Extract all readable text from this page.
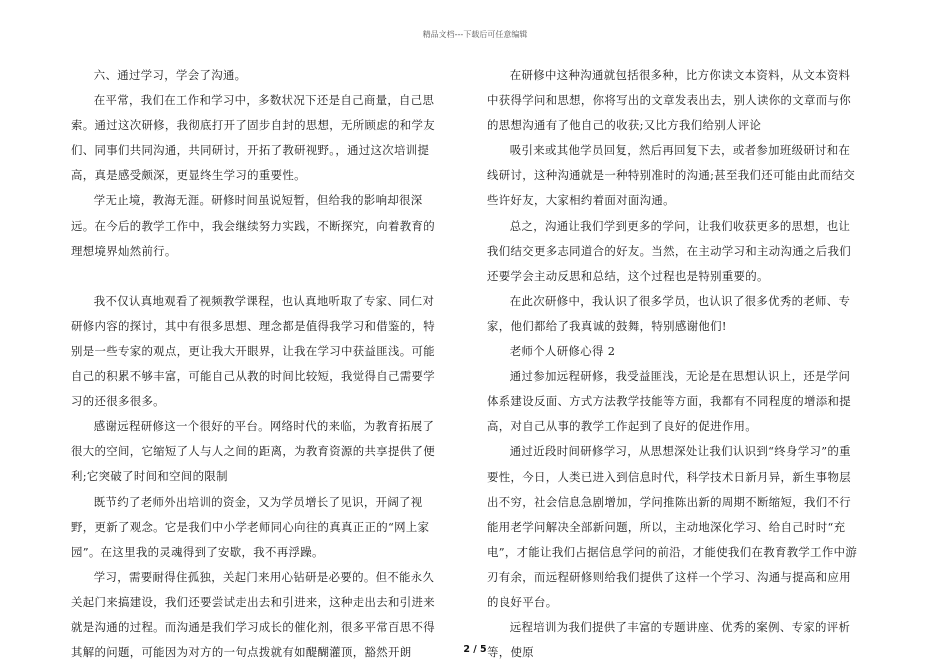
精品文档---下载后可任意编辑

六、通过学习，学会了沟通。

在平常，我们在工作和学习中，多数状况下还是自己商量，自己思索。通过这次研修，我彻底打开了固步自封的思想，无所顾虑的和学友们、同事们共同沟通，共同研讨，开拓了教研视野。，通过这次培训提高，真是感受颇深，更显终生学习的重要性。

学无止境，教海无涯。研修时间虽说短暂，但给我的影响却很深远。在今后的教学工作中，我会继续努力实践，不断探究，向着教育的理想境界灿然前行。

我不仅认真地观看了视频教学课程，也认真地听取了专家、同仁对研修内容的探讨，其中有很多思想、理念都是值得我学习和借鉴的，特别是一些专家的观点，更让我大开眼界，让我在学习中获益匪浅。可能自己的积累不够丰富，可能自己从教的时间比较短，我觉得自己需要学习的还很多很多。

感谢远程研修这一个很好的平台。网络时代的来临，为教育拓展了很大的空间，它缩短了人与人之间的距离，为教育资源的共享提供了便利;它突破了时间和空间的限制

既节约了老师外出培训的资金，又为学员增长了见识，开阔了视野，更新了观念。它是我们中小学老师同心向往的真真正正的“网上家园”。在这里我的灵魂得到了安歇，我不再浮躁。

学习，需要耐得住孤独，关起门来用心钻研是必要的。但不能永久关起门来搞建设，我们还要尝试走出去和引进来，这种走出去和引进来就是沟通的过程。而沟通是我们学习成长的催化剂，很多平常百思不得其解的问题，可能因为对方的一句点拨就有如醍醐灌顶，豁然开朗

在研修中这种沟通就包括很多种，比方你读文本资料，从文本资料中获得学问和思想，你将写出的文章发表出去，别人读你的文章而与你的思想沟通有了他自己的收获;又比方我们给别人评论

吸引来或其他学员回复，然后再回复下去，或者参加班级研讨和在线研讨，这种沟通就是一种特别准时的沟通;甚至我们还可能由此而结交些许好友，大家相约着面对面沟通。

总之，沟通让我们学到更多的学问，让我们收获更多的思想，也让我们结交更多志同道合的好友。当然，在主动学习和主动沟通之后我们还要学会主动反思和总结，这个过程也是特别重要的。

在此次研修中，我认识了很多学员，也认识了很多优秀的老师、专家，他们都给了我真诚的鼓舞，特别感谢他们!

老师个人研修心得 2

通过参加远程研修，我受益匪浅，无论是在思想认识上，还是学问体系建设反面、方式方法教学技能等方面，我都有不同程度的增添和提高，对自己从事的教学工作起到了良好的促进作用。

通过近段时间研修学习，从思想深处让我们认识到“终身学习”的重要性，今日，人类已进入到信息时代，科学技术日新月异，新生事物层出不穷，社会信息急剧增加，学问推陈出新的周期不断缩短，我们不行能用老学问解决全部新问题，所以，主动地深化学习、给自己时时“充电”，才能让我们占据信息学问的前沿，才能使我们在教育教学工作中游刃有余，而远程研修则给我们提供了这样一个学习、沟通与提高和应用的良好平台。

远程培训为我们提供了丰富的专题讲座、优秀的案例、专家的评析等，使原

2 / 5
